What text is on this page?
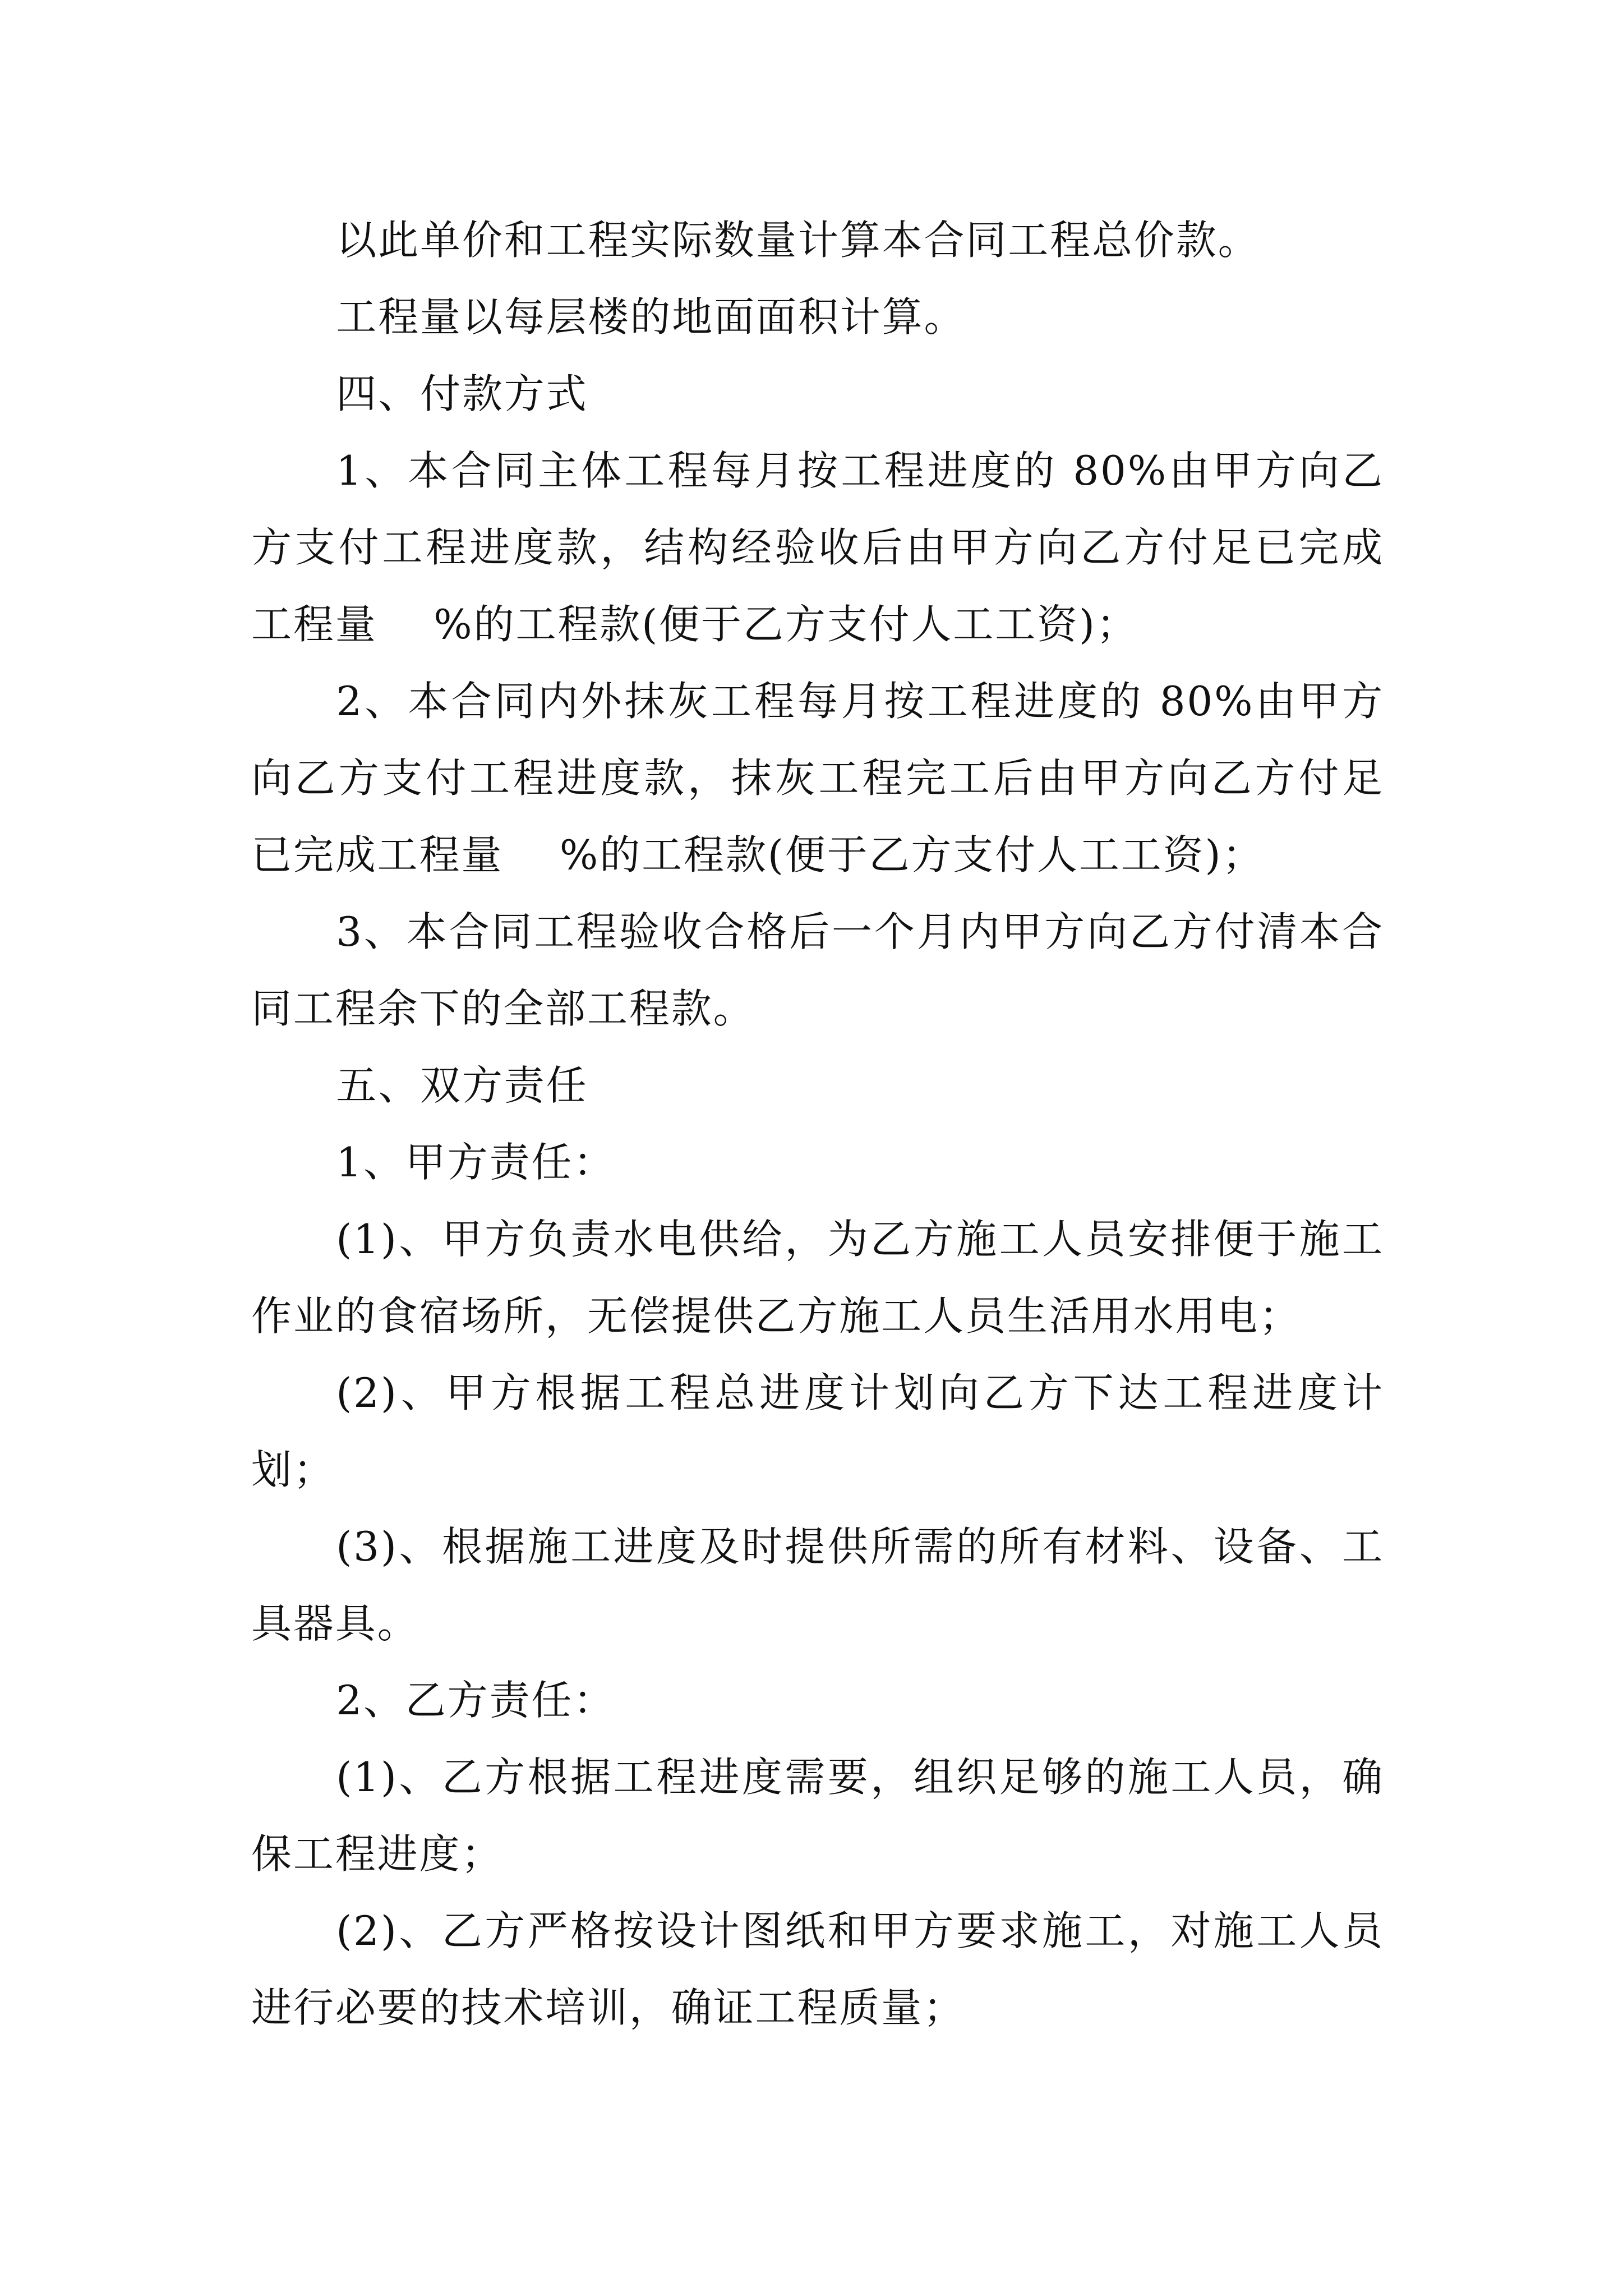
以此单价和工程实际数量计算本合同工程总价款。

工程量以每层楼的地面面积计算。

四、付款方式

1、本合同主体工程每月按工程进度的 80%由甲方向乙方支付工程进度款，结构经验收后由甲方向乙方付足已完成工程量　 %的工程款(便于乙方支付人工工资)；

2、本合同内外抹灰工程每月按工程进度的 80%由甲方向乙方支付工程进度款，抹灰工程完工后由甲方向乙方付足已完成工程量　 %的工程款(便于乙方支付人工工资)；

3、本合同工程验收合格后一个月内甲方向乙方付清本合同工程余下的全部工程款。

五、双方责任

1、甲方责任：

(1)、甲方负责水电供给，为乙方施工人员安排便于施工作业的食宿场所，无偿提供乙方施工人员生活用水用电；

(2)、甲方根据工程总进度计划向乙方下达工程进度计划；

(3)、根据施工进度及时提供所需的所有材料、设备、工具器具。

2、乙方责任：

(1)、乙方根据工程进度需要，组织足够的施工人员，确保工程进度；

(2)、乙方严格按设计图纸和甲方要求施工，对施工人员进行必要的技术培训，确证工程质量；
